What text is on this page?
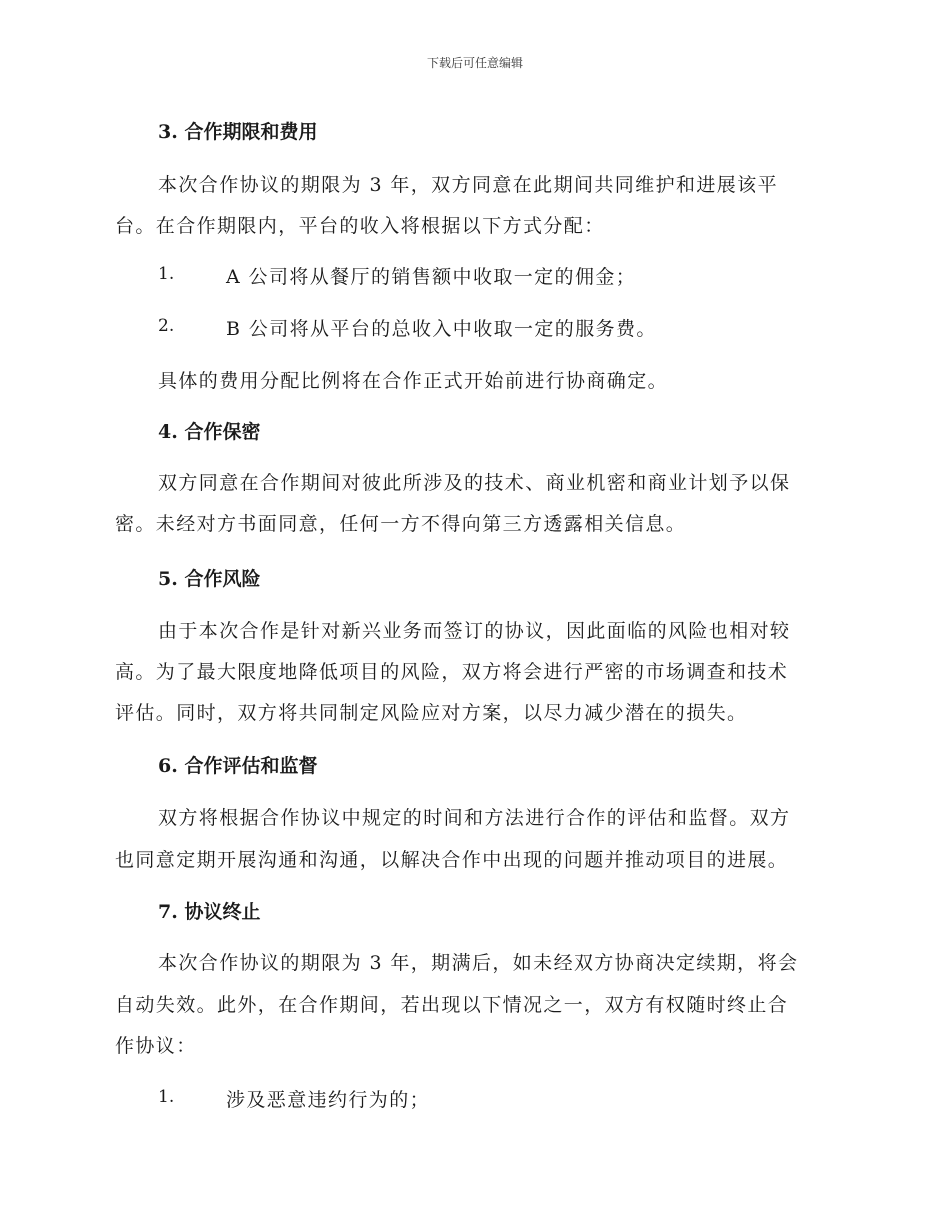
下载后可任意编辑
3. 合作期限和费用
本次合作协议的期限为 3 年，双方同意在此期间共同维护和进展该平
台。在合作期限内，平台的收入将根据以下方式分配：
1.	A 公司将从餐厅的销售额中收取一定的佣金；
2.	B 公司将从平台的总收入中收取一定的服务费。
具体的费用分配比例将在合作正式开始前进行协商确定。
4. 合作保密
双方同意在合作期间对彼此所涉及的技术、商业机密和商业计划予以保
密。未经对方书面同意，任何一方不得向第三方透露相关信息。
5. 合作风险
由于本次合作是针对新兴业务而签订的协议，因此面临的风险也相对较
高。为了最大限度地降低项目的风险，双方将会进行严密的市场调查和技术
评估。同时，双方将共同制定风险应对方案，以尽力减少潜在的损失。
6. 合作评估和监督
双方将根据合作协议中规定的时间和方法进行合作的评估和监督。双方
也同意定期开展沟通和沟通，以解决合作中出现的问题并推动项目的进展。
7. 协议终止
本次合作协议的期限为 3 年，期满后，如未经双方协商决定续期，将会
自动失效。此外，在合作期间，若出现以下情况之一，双方有权随时终止合
作协议：
1.	涉及恶意违约行为的；
